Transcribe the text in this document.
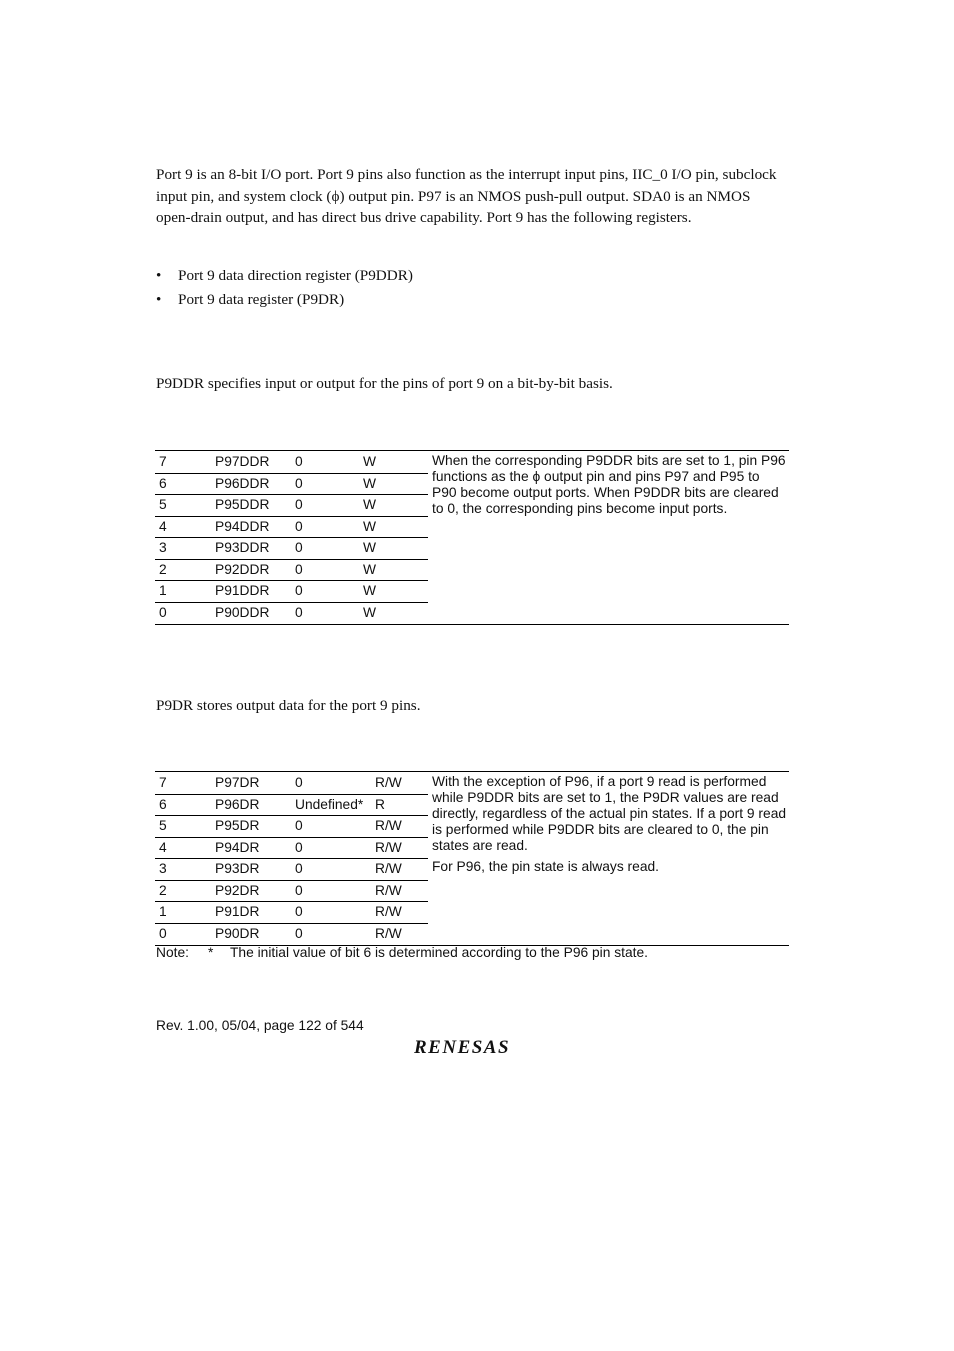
Port 9 is an 8-bit I/O port. Port 9 pins also function as the interrupt input pins, IIC_0 I/O pin, subclock input pin, and system clock (ϕ) output pin. P97 is an NMOS push-pull output. SDA0 is an NMOS open-drain output, and has direct bus drive capability. Port 9 has the following registers.

• Port 9 data direction register (P9DDR)
• Port 9 data register (P9DR)

P9DDR specifies input or output for the pins of port 9 on a bit-by-bit basis.

7	P97DDR 0	W
6	P96DDR 0	W
5	P95DDR 0	W
4	P94DDR 0	W
3	P93DDR 0	W
2	P92DDR 0	W
1	P91DDR 0	W
0	P90DDR 0	W

When the corresponding P9DDR bits are set to 1, pin P96 functions as the ϕ output pin and pins P97 and P95 to P90 become output ports. When P9DDR bits are cleared to 0, the corresponding pins become input ports.

P9DR stores output data for the port 9 pins.

7	P97DR	0	R/W
6	P96DR	Undefined* R
5	P95DR	0	R/W
4	P94DR	0	R/W
3	P93DR	0	R/W
2	P92DR	0	R/W
1	P91DR	0	R/W
0	P90DR	0	R/W

With the exception of P96, if a port 9 read is performed while P9DDR bits are set to 1, the P9DR values are read directly, regardless of the actual pin states. If a port 9 read is performed while P9DDR bits are cleared to 0, the pin states are read.

For P96, the pin state is always read.

Note: * The initial value of bit 6 is determined according to the P96 pin state.
Rev. 1.00, 05/04, page 122 of 544
RENESAS
